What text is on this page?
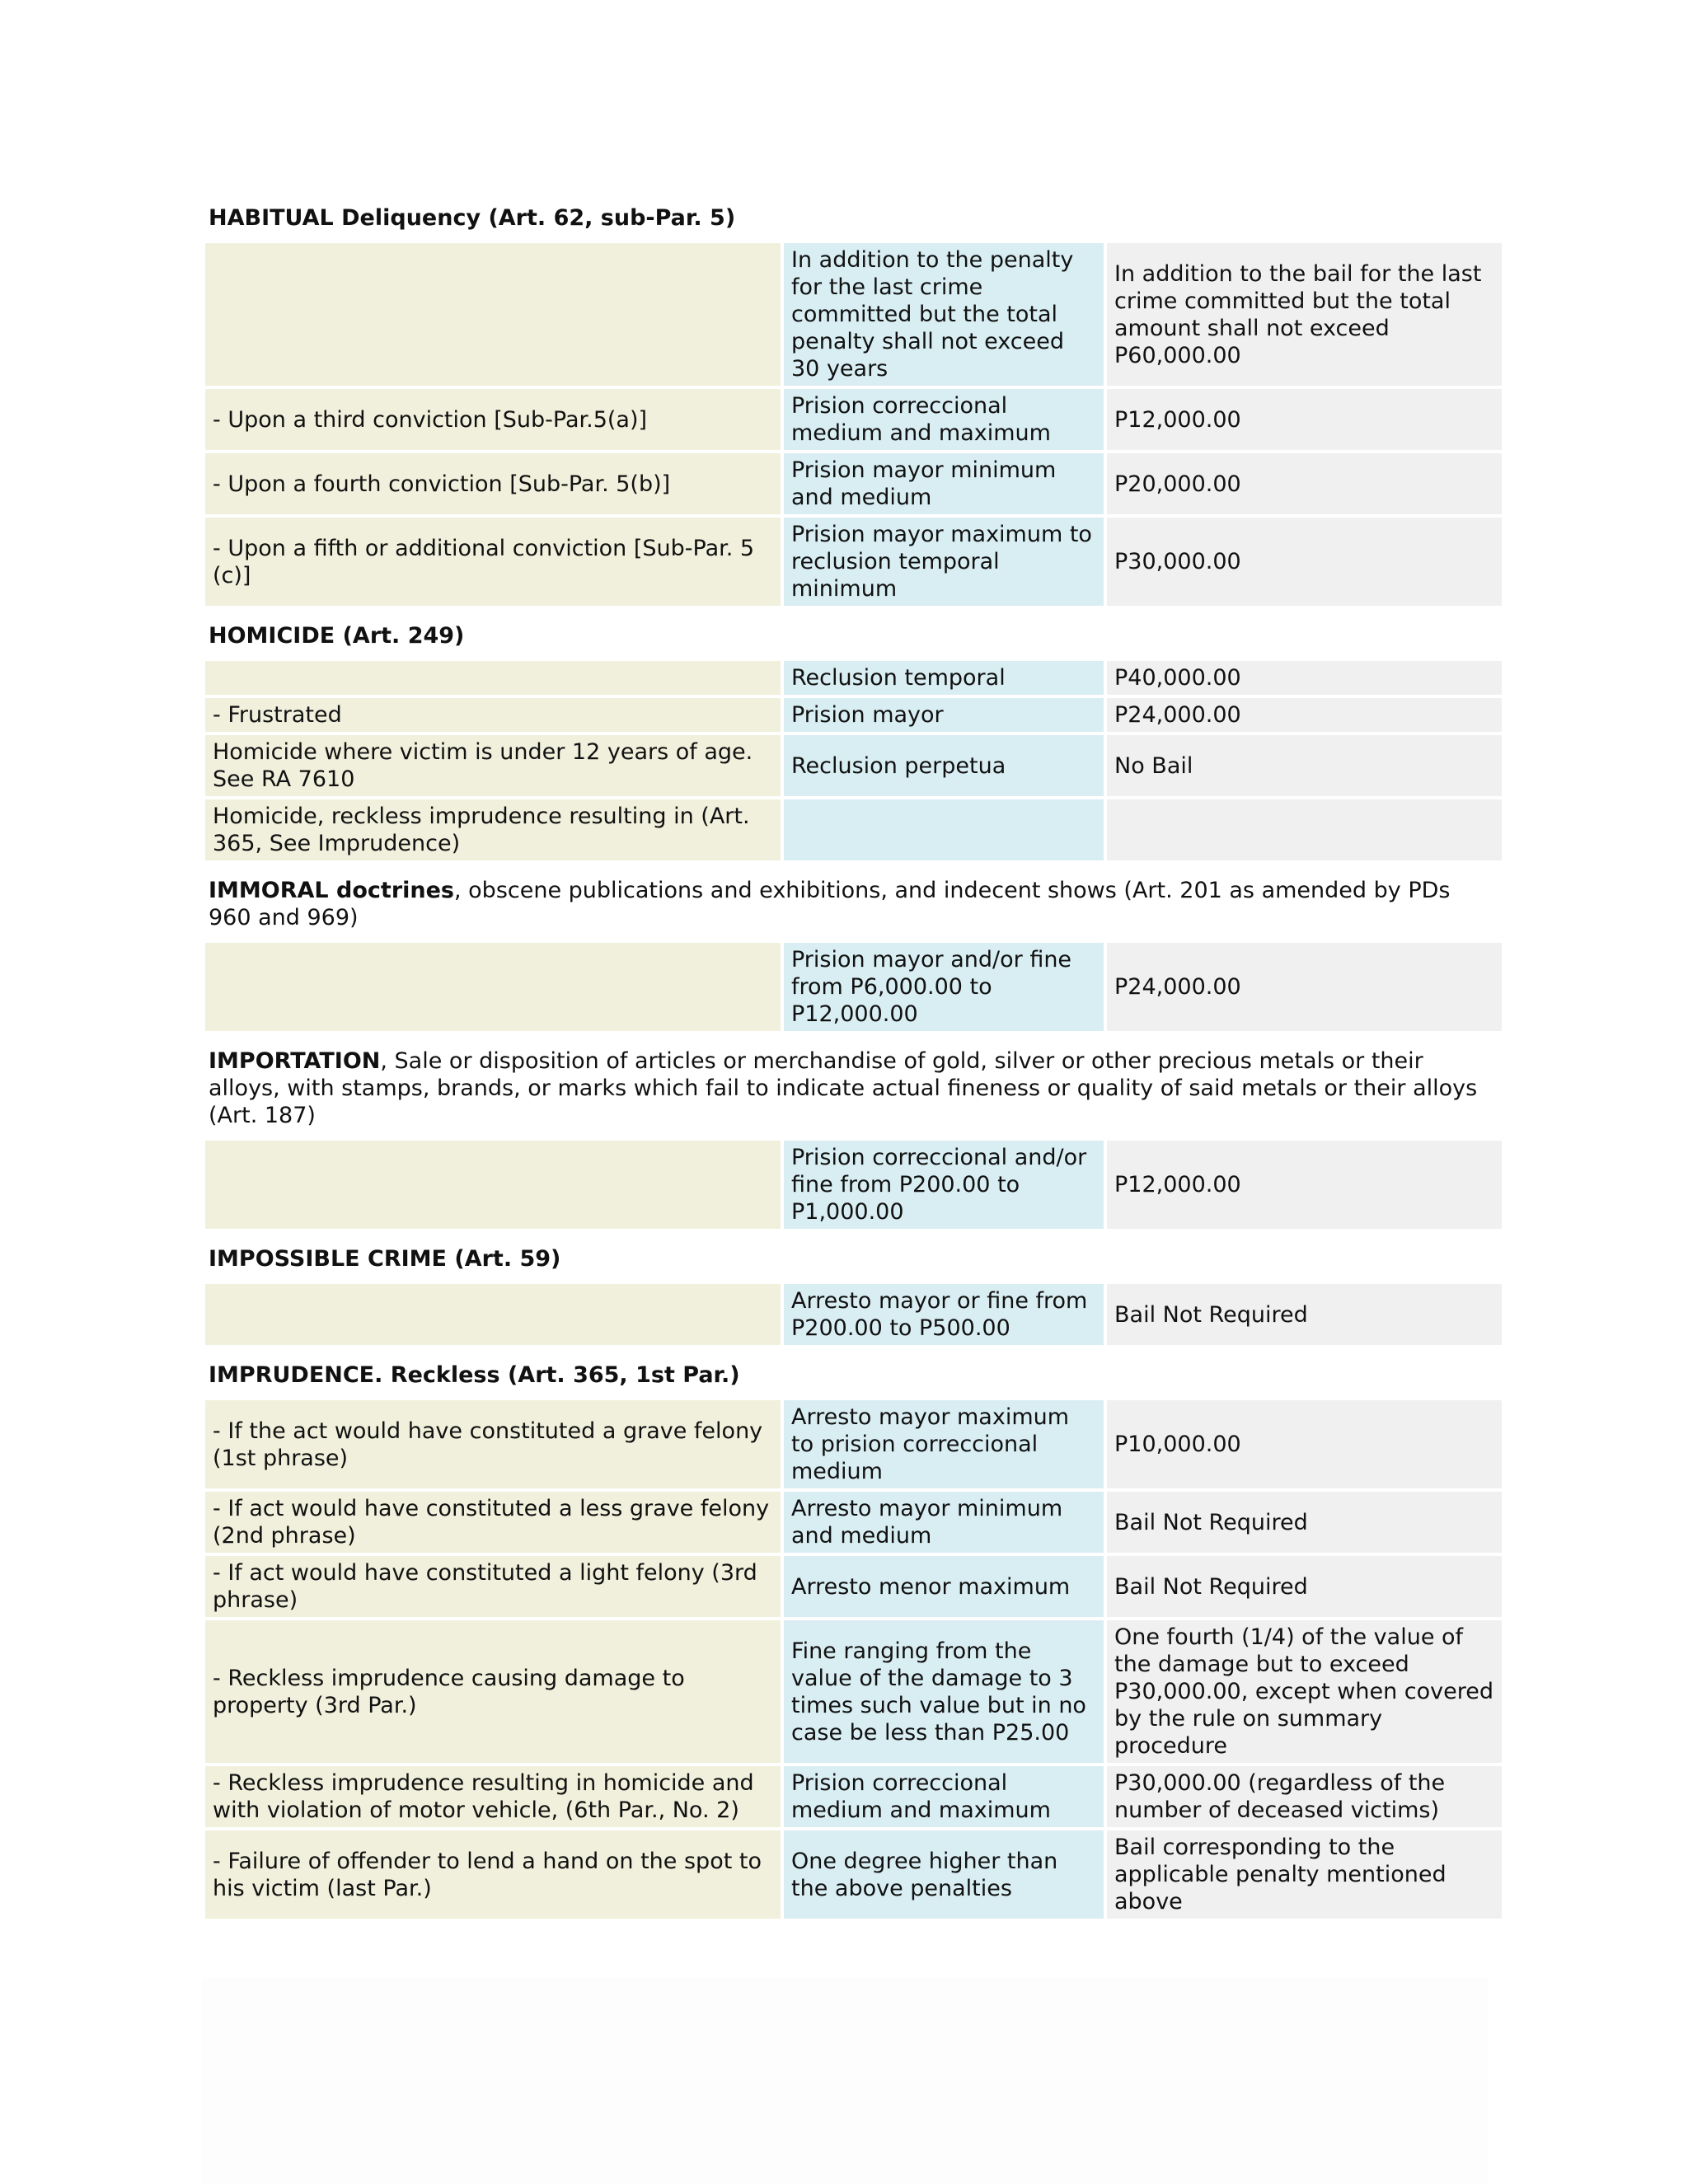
HABITUAL Deliquency (Art. 62, sub-Par. 5)
	In addition to the penalty for the last crime committed but the total penalty shall not exceed 30 years	In addition to the bail for the last crime committed but the total amount shall not exceed P60,000.00
- Upon a third conviction [Sub-Par.5(a)]	Prision correccional medium and maximum	P12,000.00
- Upon a fourth conviction [Sub-Par. 5(b)]	Prision mayor minimum and medium	P20,000.00
- Upon a fifth or additional conviction [Sub-Par. 5 (c)]	Prision mayor maximum to reclusion temporal minimum	P30,000.00
HOMICIDE (Art. 249)
	Reclusion temporal	P40,000.00
- Frustrated	Prision mayor	P24,000.00
Homicide where victim is under 12 years of age. See RA 7610	Reclusion perpetua	No Bail
Homicide, reckless imprudence resulting in (Art. 365, See Imprudence)		
IMMORAL doctrines, obscene publications and exhibitions, and indecent shows (Art. 201 as amended by PDs 960 and 969)
	Prision mayor and/or fine from P6,000.00 to P12,000.00	P24,000.00
IMPORTATION, Sale or disposition of articles or merchandise of gold, silver or other precious metals or their alloys, with stamps, brands, or marks which fail to indicate actual fineness or quality of said metals or their alloys (Art. 187)
	Prision correccional and/or fine from P200.00 to P1,000.00	P12,000.00
IMPOSSIBLE CRIME (Art. 59)
	Arresto mayor or fine from P200.00 to P500.00	Bail Not Required
IMPRUDENCE. Reckless (Art. 365, 1st Par.)
- If the act would have constituted a grave felony (1st phrase)	Arresto mayor maximum to prision correccional medium	P10,000.00
- If act would have constituted a less grave felony (2nd phrase)	Arresto mayor minimum and medium	Bail Not Required
- If act would have constituted a light felony (3rd phrase)	Arresto menor maximum	Bail Not Required
- Reckless imprudence causing damage to property (3rd Par.)	Fine ranging from the value of the damage to 3 times such value but in no case be less than P25.00	One fourth (1/4) of the value of the damage but to exceed P30,000.00, except when covered by the rule on summary procedure
- Reckless imprudence resulting in homicide and with violation of motor vehicle, (6th Par., No. 2)	Prision correccional medium and maximum	P30,000.00 (regardless of the number of deceased victims)
- Failure of offender to lend a hand on the spot to his victim (last Par.)	One degree higher than the above penalties	Bail corresponding to the applicable penalty mentioned above
